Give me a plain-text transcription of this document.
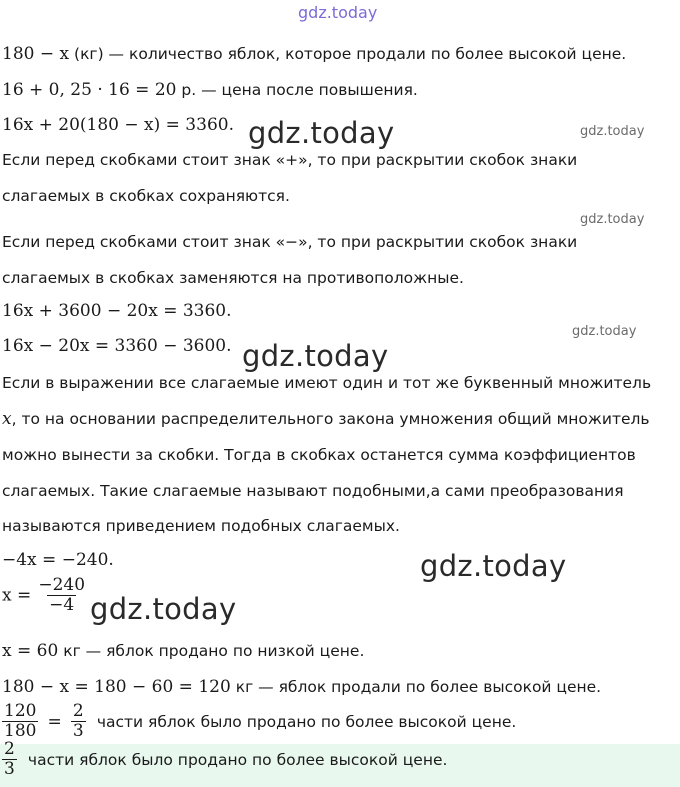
gdz.today
180 − x (кг) — количество яблок, которое продали по более высокой цене.
16 + 0, 25 · 16 = 20 р. — цена после повышения.
16x + 20(180 − x) = 3360. gdz.today	gdz.today
Если перед скобками стоит знак «+», то при раскрытии скобок знаки
слагаемых в скобках сохраняются.
gdz.today
Если перед скобками стоит знак «−», то при раскрытии скобок знаки
слагаемых в скобках заменяются на противоположные.
16x + 3600 − 20x = 3360.
gdz.today
16x − 20x = 3360 − 3600. gdz.today
Если в выражении все слагаемые имеют один и тот же буквенный множитель
x, то на основании распределительного закона умножения общий множитель
можно вынести за скобки. Тогда в скобках останется сумма коэффициентов
слагаемых. Такие слагаемые называют подобными,а сами преобразования
называются приведением подобных слагаемых.
−4x = −240.	gdz.today
$x = \frac{-240}{-4}$ gdz.today
x = 60 кг — яблок продано по низкой цене.
180 − x = 180 − 60 = 120 кг — яблок продали по более высокой цене.
$\frac{120}{180} = \frac{2}{3}$ части яблок было продано по более высокой цене.
$\frac{2}{3}$ части яблок было продано по более высокой цене.
